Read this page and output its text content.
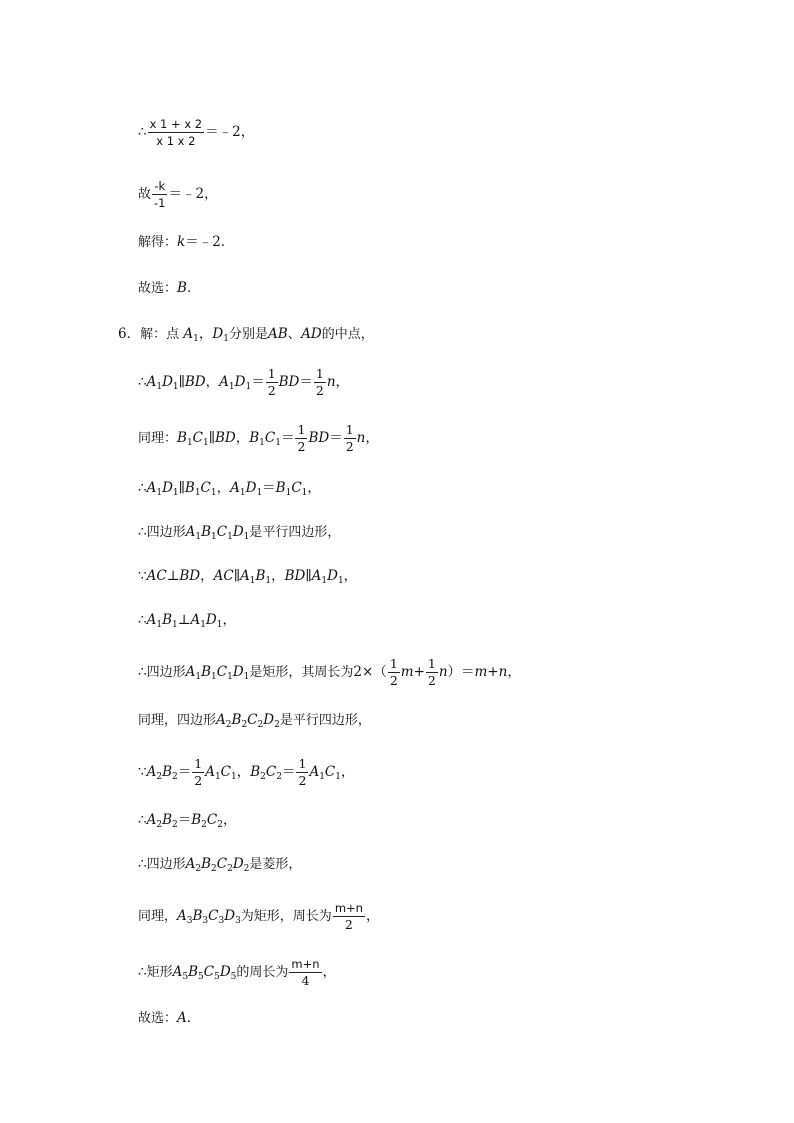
∴ $\frac{x 1 + x 2}{x 1 x 2}$ ＝﹣2，
故 $\frac{-k}{-1}$ ＝﹣2，
解得：k＝﹣2．
故选：B．
6．解：点 $A_1$，$D_1$分别是AB、AD的中点，
$\therefore A_1D_1\parallel BD$，$A_1D_1= \frac{1}{2} BD= \frac{1}{2}$ n，
同理：$B_1C_1\parallel BD$，$B_1C_1= \frac{1}{2} BD= \frac{1}{2}$ n，
$\therefore A_1D_1\parallel B_1C_1$，$A_1D_1=B_1C_1$，
∴四边形$A_1B_1C_1D_1$是平行四边形，
∵AC⊥BD，$AC\parallel A_1B_1$，$BD\parallel A_1D_1$，
$\therefore A_1B_1\perp A_1D_1$，
∴四边形$A_1B_1C_1D_1$是矩形，其周长为$2\times( \frac{1}{2} m+ \frac{1}{2} n)=m+n$，
同理，四边形$A_2B_2C_2D_2$是平行四边形，
$\because A_2B_2= \frac{1}{2} A_1C_1$，$B_2C_2= \frac{1}{2} A_1C_1$，
$\therefore A_2B_2=B_2C_2$，
∴四边形$A_2B_2C_2D_2$是菱形，
同理，$A_3B_3C_3D_3$为矩形，周长为 $\frac{m+n}{2}$ ，
∴矩形$A_5B_5C_5D_5$的周长为 $\frac{m+n}{4}$ ，
故选：A．
